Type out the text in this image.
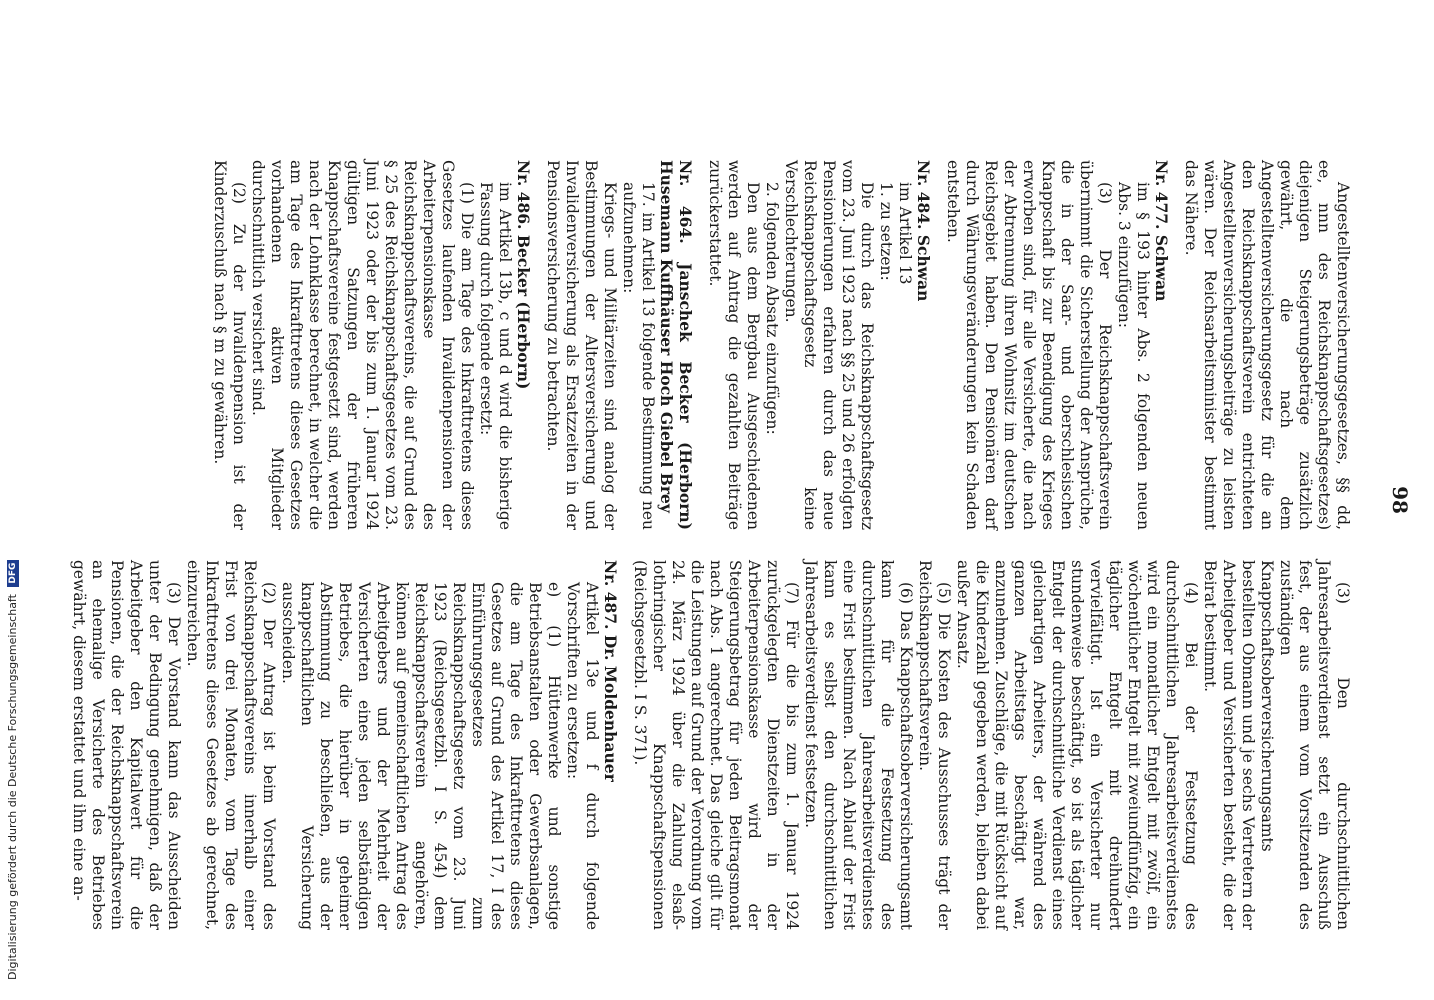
98

Angestelltenversicherungsgesetzes, §§ dd, ee, nnn des Reichsknappschaftsgesetzes) diejenigen Steigerungsbeträge zusätzlich gewährt, die nach dem Angestelltenversicherungsgesetz für die an den Reichsknappschaftsverein entrichteten Angestelltenversicherungsbeiträge zu leisten wären. Der Reichsarbeitsminister bestimmt das Nähere.

Nr. 477. Schwan

im § 193 hinter Abs. 2 folgenden neuen Abs. 3 einzufügen:

(3) Der Reichsknappschaftsverein übernimmt die Sicherstellung der Ansprüche, die in der Saar- und oberschlesischen Knappschaft bis zur Beendigung des Krieges erworben sind, für alle Versicherte, die nach der Abtrennung ihren Wohnsitz im deutschen Reichsgebiet haben. Den Pensionären darf durch Währungsveränderungen kein Schaden entstehen.

Nr. 484. Schwan

im Artikel 13

1. zu setzen:

Die durch das Reichsknappschaftsgesetz vom 23. Juni 1923 nach §§ 25 und 26 erfolgten Pensionierungen erfahren durch das neue Reichsknappschaftsgesetz keine Verschlechterungen.

2. folgenden Absatz einzufügen:

Den aus dem Bergbau Ausgeschiedenen werden auf Antrag die gezahlten Beiträge zurückerstattet.

Nr. 464. Janschek Becker (Herborn) Husemann Kuffhäuser Hoch Giebel Brey

17. im Artikel 13 folgende Bestimmung neu aufzunehmen:

Kriegs- und Militärzeiten sind analog der Bestimmungen der Altersversicherung und Invalidenversicherung als Ersatzzeiten in der Pensionsversicherung zu betrachten.

Nr. 486. Becker (Herborn)

im Artikel 13b, c und d wird die bisherige Fassung durch folgende ersetzt:

(1) Die am Tage des Inkrafttretens dieses Gesetzes laufenden Invalidenpensionen der Arbeiterpensionskasse des Reichsknappschaftsvereins, die auf Grund des § 25 des Reichsknappschaftsgesetzes vom 23. Juni 1923 oder der bis zum 1. Januar 1924 gültigen Satzungen der früheren Knappschaftsvereine festgesetzt sind, werden nach der Lohnklasse berechnet, in welcher die am Tage des Inkrafttretens dieses Gesetzes vorhandenen aktiven Mitglieder durchschnittlich versichert sind.

(2) Zu der Invalidenpension ist der Kinderzuschuß nach § m zu gewähren.

(3) Den durchschnittlichen Jahresarbeitsverdienst setzt ein Ausschuß fest, der aus einem vom Vorsitzenden des zuständigen Knappschaftsoberversicherungsamts bestellten Obmann und je sechs Vertretern der Arbeitgeber und Versicherten besteht, die der Beirat bestimmt.

(4) Bei der Festsetzung des durchschnittlichen Jahresarbeitsverdienstes wird ein monatlicher Entgelt mit zwölf, ein wöchentlicher Entgelt mit zweiundfünfzig, ein täglicher Entgelt mit dreihundert vervielfältigt. Ist ein Versicherter nur stundenweise beschäftigt, so ist als täglicher Entgelt der durchschnittliche Verdienst eines gleichartigen Arbeiters, der während des ganzen Arbeitstags beschäftigt war, anzunehmen. Zuschläge, die mit Rücksicht auf die Kinderzahl gegeben werden, bleiben dabei außer Ansatz.

(5) Die Kosten des Ausschusses trägt der Reichsknappschaftsverein.

(6) Das Knappschaftsoberversicherungsamt kann für die Festsetzung des durchschnittlichen Jahresarbeitsverdienstes eine Frist bestimmen. Nach Ablauf der Frist kann es selbst den durchschnittlichen Jahresarbeitsverdienst festsetzen.

(7) Für die bis zum 1. Januar 1924 zurückgelegten Dienstzeiten in der Arbeiterpensionskasse wird der Steigerungsbetrag für jeden Beitragsmonat nach Abs. 1 angerechnet. Das gleiche gilt für die Leistungen auf Grund der Verordnung vom 24. März 1924 über die Zahlung elsaß-lothringischer Knappschaftspensionen (Reichsgesetzbl. I S. 371).

Nr. 487. Dr. Moldenhauer

Artikel 13e und f durch folgende Vorschriften zu ersetzen:

e) (1) Hüttenwerke und sonstige Betriebsanstalten oder Gewerbsanlagen, die am Tage des Inkrafttretens dieses Gesetzes auf Grund des Artikel 17, I des Einführungsgesetzes zum Reichsknappschaftsgesetz vom 23. Juni 1923 (Reichsgesetzbl. I S. 454) dem Reichsknappschaftsverein angehören, können auf gemeinschaftlichen Antrag des Arbeitgebers und der Mehrheit der Versicherten eines jeden selbständigen Betriebes, die hierüber in geheimer Abstimmung zu beschließen, aus der knappschaftlichen Versicherung ausscheiden.

(2) Der Antrag ist beim Vorstand des Reichsknappschaftsvereins innerhalb einer Frist von drei Monaten, vom Tage des Inkrafttretens dieses Gesetzes ab gerechnet, einzureichen.

(3) Der Vorstand kann das Ausscheiden unter der Bedingung genehmigen, daß der Arbeitgeber den Kapitalwert für die Pensionen, die der Reichsknappschaftsverein an ehemalige Versicherte des Betriebes gewährt, diesem erstattet und ihm eine an-

Digitalisierung gefördert durch die Deutsche Forschungsgemeinschaft DFG
